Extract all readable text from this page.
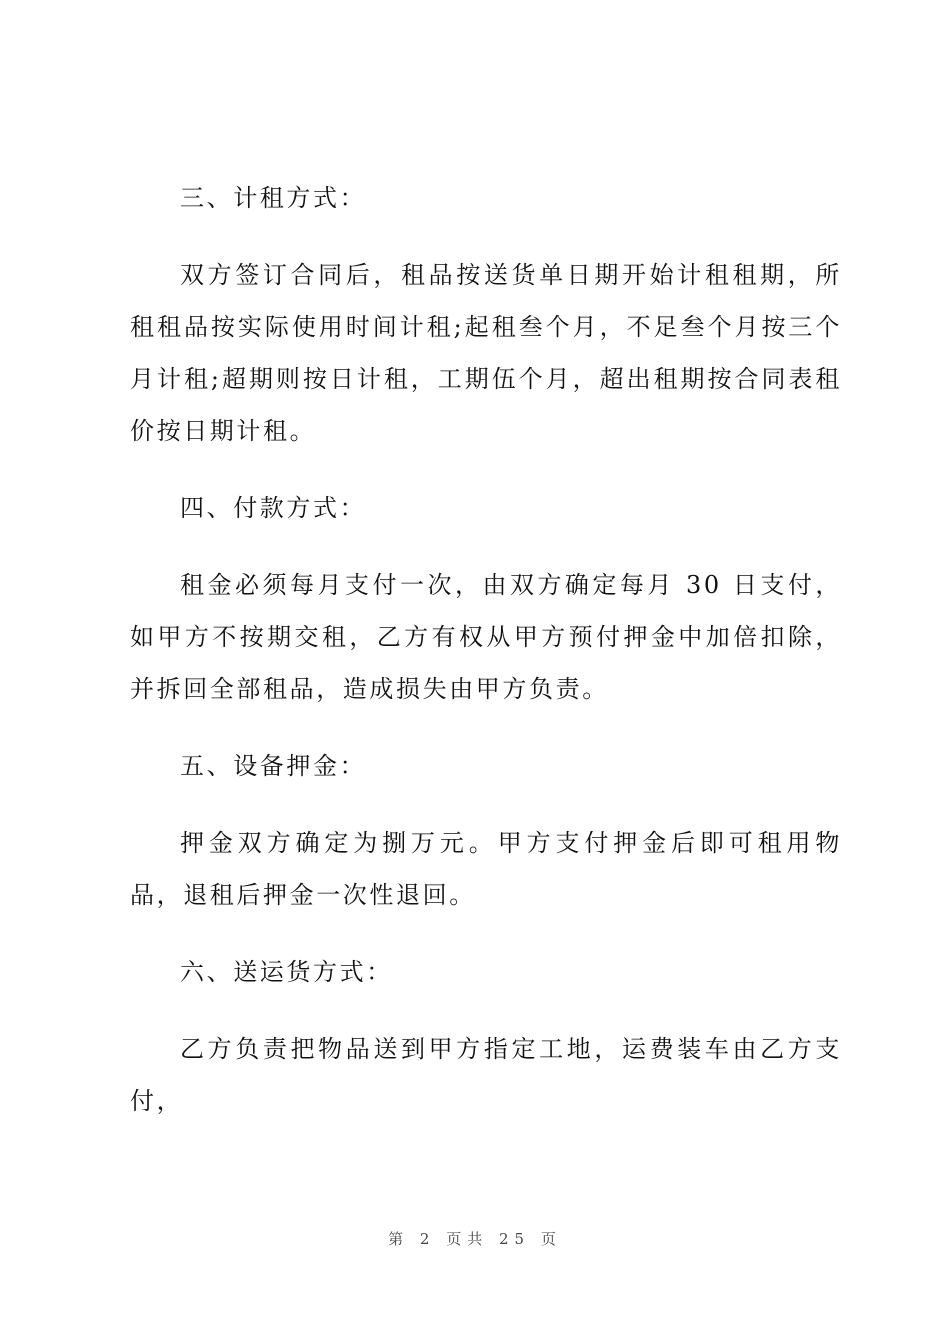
三、计租方式：

双方签订合同后，租品按送货单日期开始计租租期，所租租品按实际使用时间计租;起租叁个月，不足叁个月按三个月计租;超期则按日计租，工期伍个月，超出租期按合同表租价按日期计租。

四、付款方式：

租金必须每月支付一次，由双方确定每月 30 日支付，如甲方不按期交租，乙方有权从甲方预付押金中加倍扣除，并拆回全部租品，造成损失由甲方负责。

五、设备押金：

押金双方确定为捌万元。甲方支付押金后即可租用物品，退租后押金一次性退回。

六、送运货方式：

乙方负责把物品送到甲方指定工地，运费装车由乙方支付，

第 2 页共 25 页
